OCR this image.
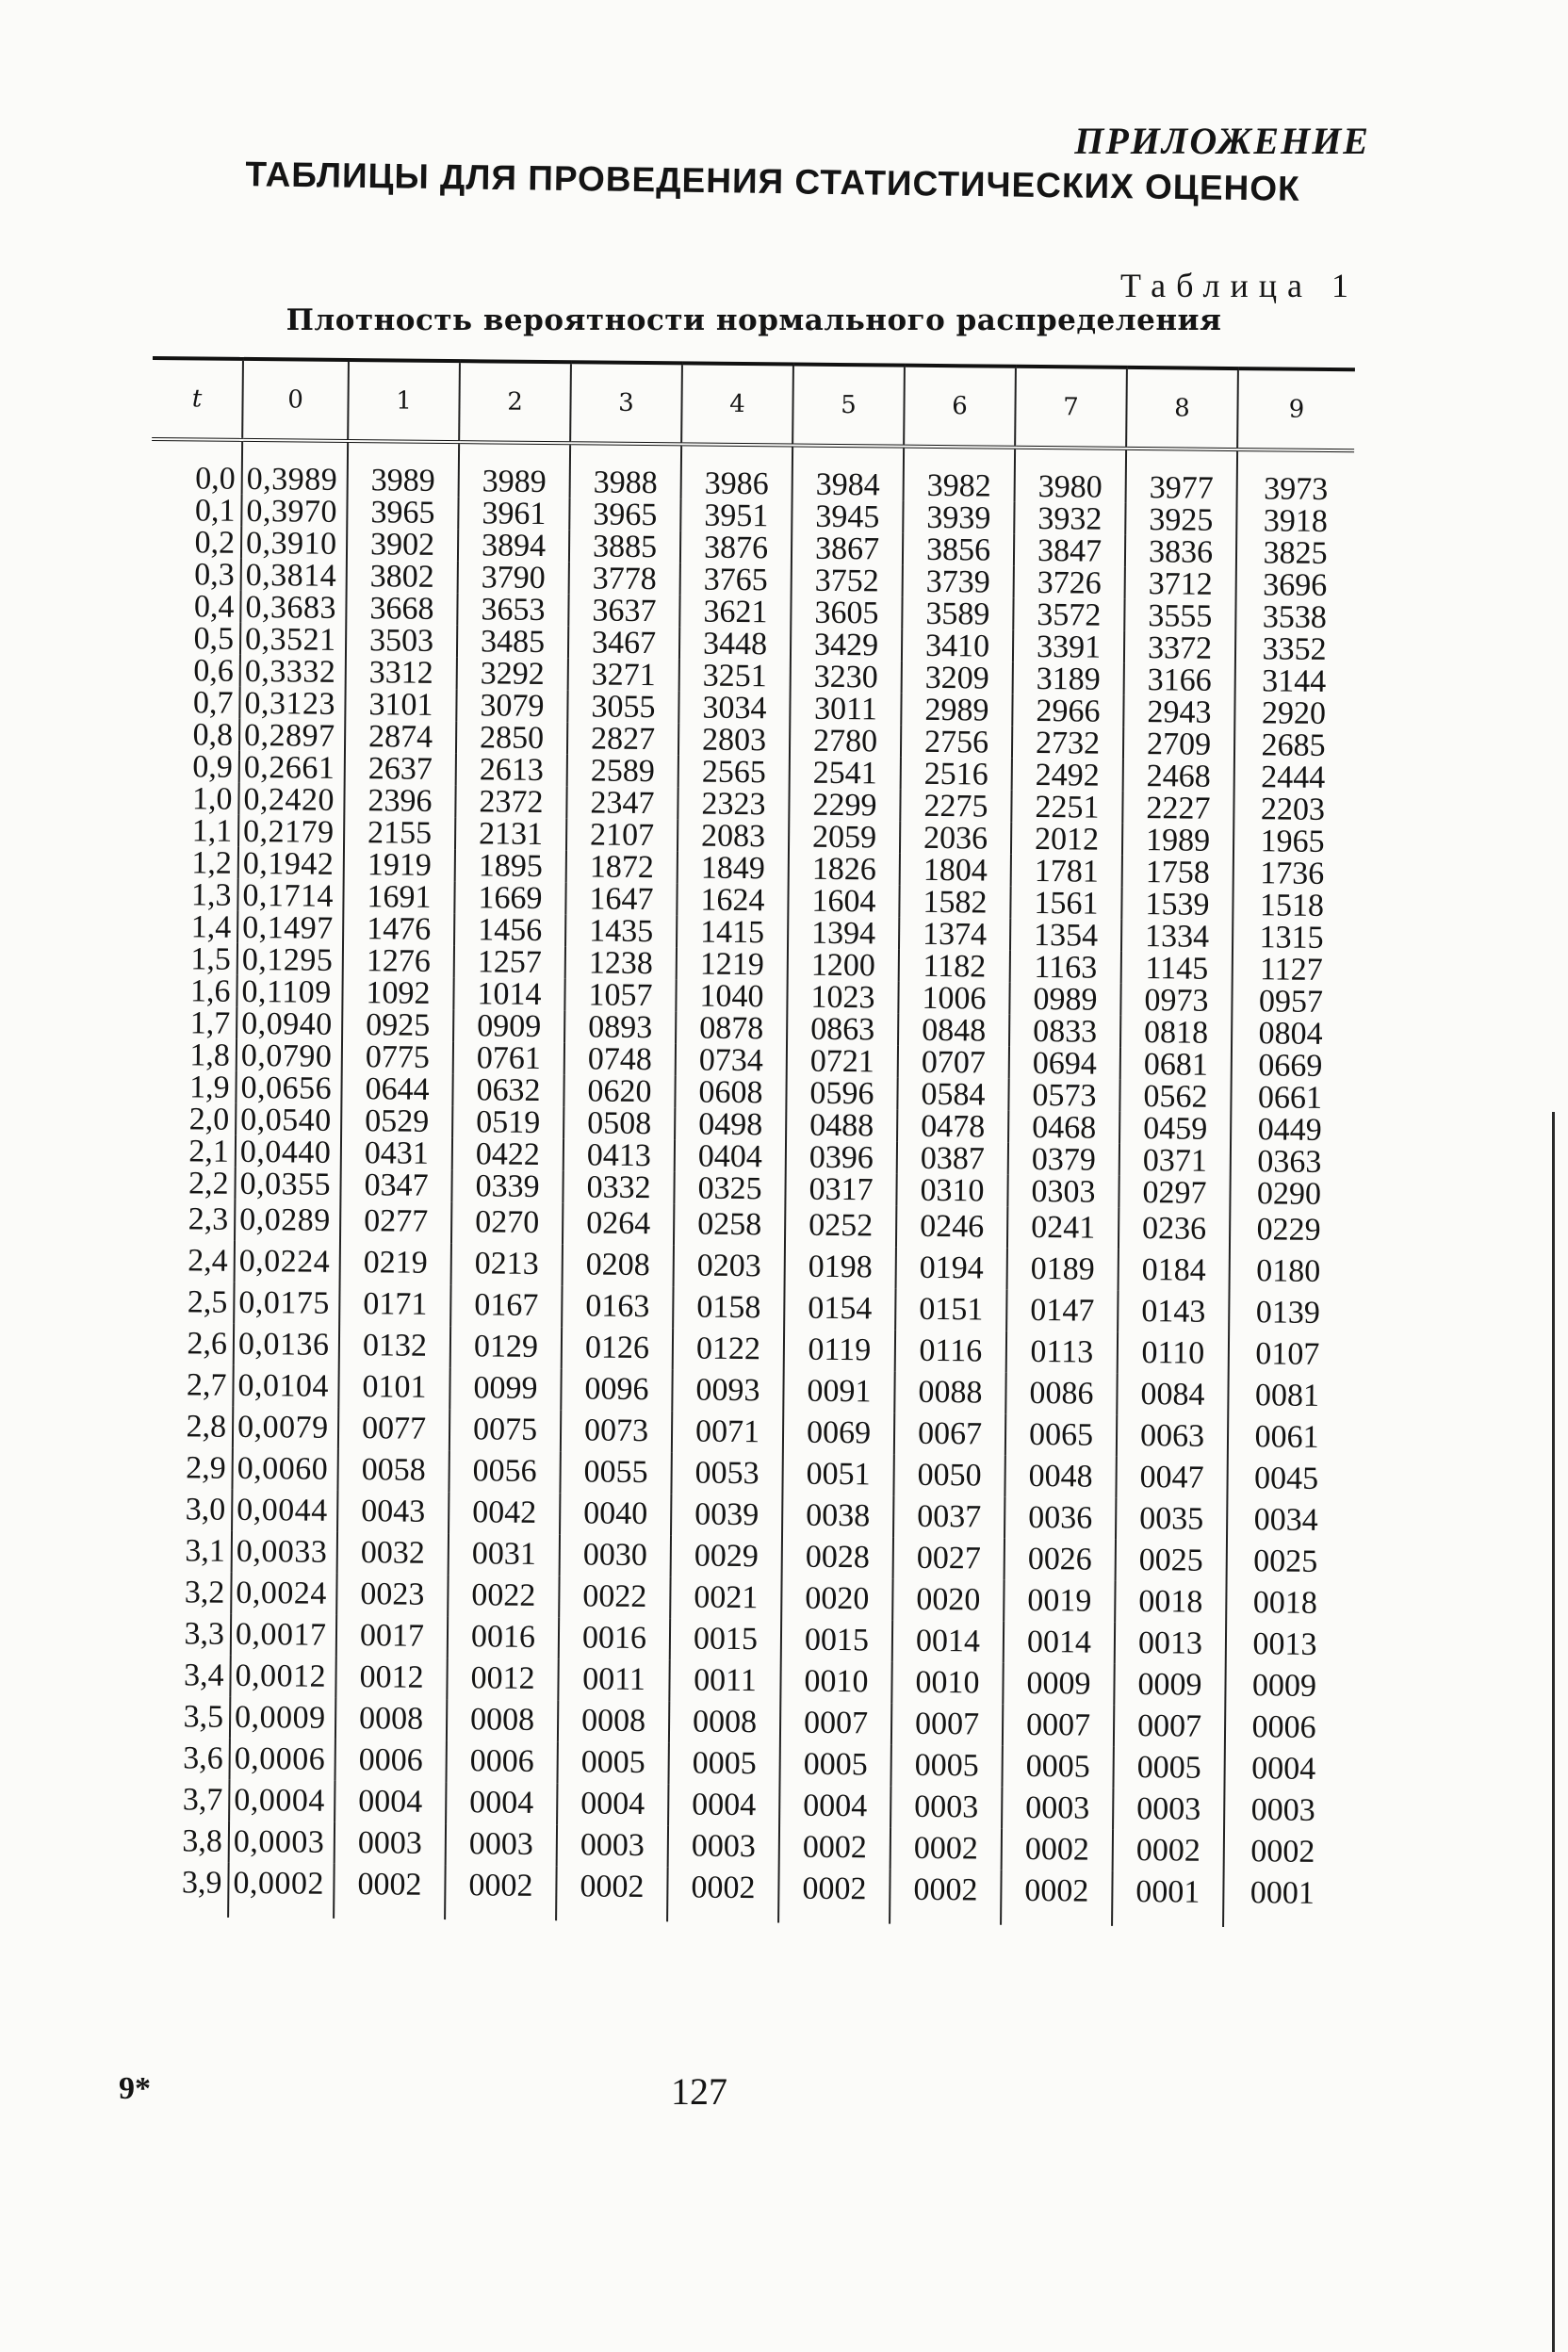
ПРИЛОЖЕНИЕ
ТАБЛИЦЫ ДЛЯ ПРОВЕДЕНИЯ СТАТИСТИЧЕСКИХ ОЦЕНОК
Таблица 1
Плотность вероятности нормального распределения
t	0	1	2	3	4	5	6	7	8	9
0,0	0,3989	3989	3989	3988	3986	3984	3982	3980	3977	3973
0,1	0,3970	3965	3961	3965	3951	3945	3939	3932	3925	3918
0,2	0,3910	3902	3894	3885	3876	3867	3856	3847	3836	3825
0,3	0,3814	3802	3790	3778	3765	3752	3739	3726	3712	3696
0,4	0,3683	3668	3653	3637	3621	3605	3589	3572	3555	3538
0,5	0,3521	3503	3485	3467	3448	3429	3410	3391	3372	3352
0,6	0,3332	3312	3292	3271	3251	3230	3209	3189	3166	3144
0,7	0,3123	3101	3079	3055	3034	3011	2989	2966	2943	2920
0,8	0,2897	2874	2850	2827	2803	2780	2756	2732	2709	2685
0,9	0,2661	2637	2613	2589	2565	2541	2516	2492	2468	2444
1,0	0,2420	2396	2372	2347	2323	2299	2275	2251	2227	2203
1,1	0,2179	2155	2131	2107	2083	2059	2036	2012	1989	1965
1,2	0,1942	1919	1895	1872	1849	1826	1804	1781	1758	1736
1,3	0,1714	1691	1669	1647	1624	1604	1582	1561	1539	1518
1,4	0,1497	1476	1456	1435	1415	1394	1374	1354	1334	1315
1,5	0,1295	1276	1257	1238	1219	1200	1182	1163	1145	1127
1,6	0,1109	1092	1014	1057	1040	1023	1006	0989	0973	0957
1,7	0,0940	0925	0909	0893	0878	0863	0848	0833	0818	0804
1,8	0,0790	0775	0761	0748	0734	0721	0707	0694	0681	0669
1,9	0,0656	0644	0632	0620	0608	0596	0584	0573	0562	0661
2,0	0,0540	0529	0519	0508	0498	0488	0478	0468	0459	0449
2,1	0,0440	0431	0422	0413	0404	0396	0387	0379	0371	0363
2,2	0,0355	0347	0339	0332	0325	0317	0310	0303	0297	0290
2,3	0,0289	0277	0270	0264	0258	0252	0246	0241	0236	0229
2,4	0,0224	0219	0213	0208	0203	0198	0194	0189	0184	0180
2,5	0,0175	0171	0167	0163	0158	0154	0151	0147	0143	0139
2,6	0,0136	0132	0129	0126	0122	0119	0116	0113	0110	0107
2,7	0,0104	0101	0099	0096	0093	0091	0088	0086	0084	0081
2,8	0,0079	0077	0075	0073	0071	0069	0067	0065	0063	0061
2,9	0,0060	0058	0056	0055	0053	0051	0050	0048	0047	0045
3,0	0,0044	0043	0042	0040	0039	0038	0037	0036	0035	0034
3,1	0,0033	0032	0031	0030	0029	0028	0027	0026	0025	0025
3,2	0,0024	0023	0022	0022	0021	0020	0020	0019	0018	0018
3,3	0,0017	0017	0016	0016	0015	0015	0014	0014	0013	0013
3,4	0,0012	0012	0012	0011	0011	0010	0010	0009	0009	0009
3,5	0,0009	0008	0008	0008	0008	0007	0007	0007	0007	0006
3,6	0,0006	0006	0006	0005	0005	0005	0005	0005	0005	0004
3,7	0,0004	0004	0004	0004	0004	0004	0003	0003	0003	0003
3,8	0,0003	0003	0003	0003	0003	0002	0002	0002	0002	0002
3,9	0,0002	0002	0002	0002	0002	0002	0002	0002	0001	0001
9*	127
